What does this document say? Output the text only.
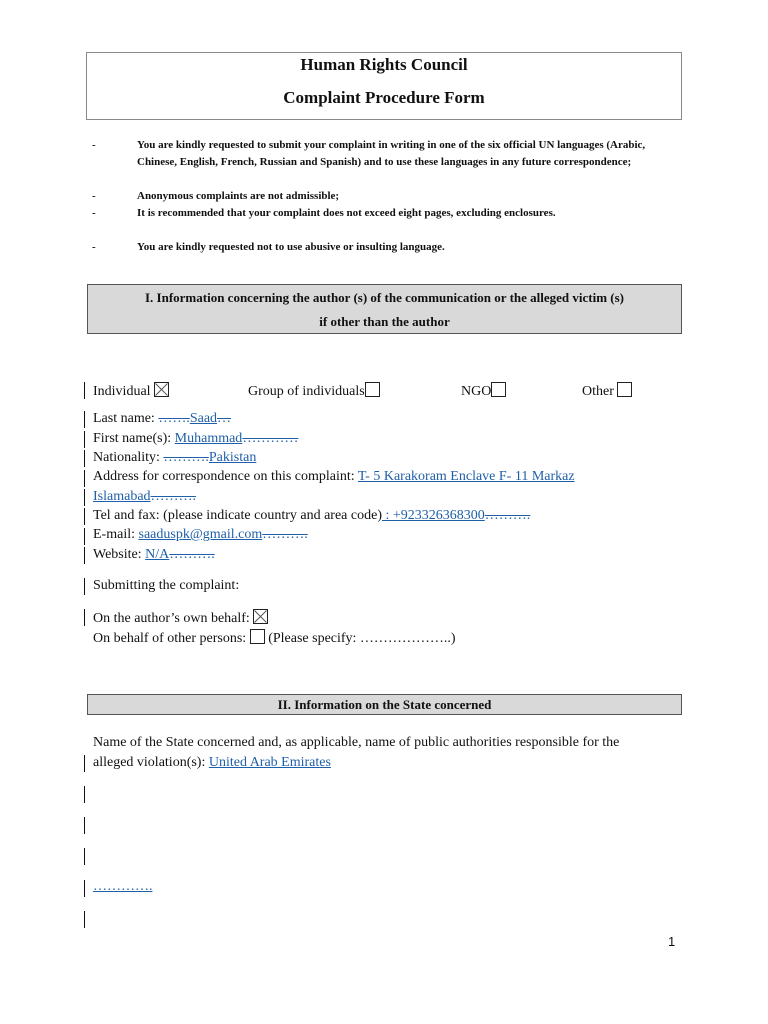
Human Rights Council
Complaint Procedure Form
-	You are kindly requested to submit your complaint in writing in one of the six official UN languages (Arabic, Chinese, English, French, Russian and Spanish) and to use these languages in any future correspondence;
-	Anonymous complaints are not admissible;
-	It is recommended that your complaint does not exceed eight pages, excluding enclosures.
-	You are kindly requested not to use abusive or insulting language.
I. Information concerning the author (s) of the communication or the alleged victim (s)
if other than the author
Individual	Group of individuals	NGO	Other
Last name: …….Saad…
First name(s): Muhammad…………
Nationality: ……….Pakistan
Address for correspondence on this complaint: T- 5 Karakoram Enclave F- 11 Markaz
Islamabad……….
Tel and fax: (please indicate country and area code) : +923326368300……….
E-mail: saaduspk@gmail.com……….
Website: N/A……….
Submitting the complaint:
On the author’s own behalf:
On behalf of other persons:  (Please specify: ………………..)
II. Information on the State concerned
Name of the State concerned and, as applicable, name of public authorities responsible for the
alleged violation(s): United Arab Emirates
………….
1
